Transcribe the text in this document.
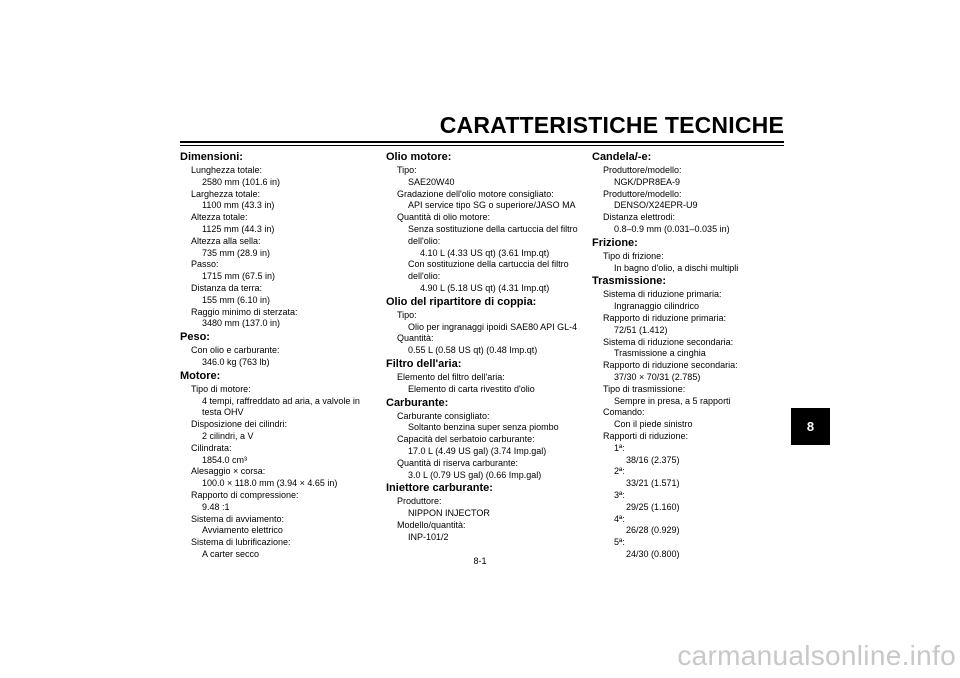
CARATTERISTICHE TECNICHE
Dimensioni:
Lunghezza totale:
2580 mm (101.6 in)
Larghezza totale:
1100 mm (43.3 in)
Altezza totale:
1125 mm (44.3 in)
Altezza alla sella:
735 mm (28.9 in)
Passo:
1715 mm (67.5 in)
Distanza da terra:
155 mm (6.10 in)
Raggio minimo di sterzata:
3480 mm (137.0 in)
Peso:
Con olio e carburante:
346.0 kg (763 lb)
Motore:
Tipo di motore:
4 tempi, raffreddato ad aria, a valvole in testa OHV
Disposizione dei cilindri:
2 cilindri, a V
Cilindrata:
1854.0 cm³
Alesaggio × corsa:
100.0 × 118.0 mm (3.94 × 4.65 in)
Rapporto di compressione:
9.48 :1
Sistema di avviamento:
Avviamento elettrico
Sistema di lubrificazione:
A carter secco
Olio motore:
Tipo:
SAE20W40
Gradazione dell'olio motore consigliato:
API service tipo SG o superiore/JASO MA
Quantità di olio motore:
Senza sostituzione della cartuccia del filtro dell'olio:
4.10 L (4.33 US qt) (3.61 Imp.qt)
Con sostituzione della cartuccia del filtro dell'olio:
4.90 L (5.18 US qt) (4.31 Imp.qt)
Olio del ripartitore di coppia:
Tipo:
Olio per ingranaggi ipoidi SAE80 API GL-4
Quantità:
0.55 L (0.58 US qt) (0.48 Imp.qt)
Filtro dell'aria:
Elemento del filtro dell'aria:
Elemento di carta rivestito d'olio
Carburante:
Carburante consigliato:
Soltanto benzina super senza piombo
Capacità del serbatoio carburante:
17.0 L (4.49 US gal) (3.74 Imp.gal)
Quantità di riserva carburante:
3.0 L (0.79 US gal) (0.66 Imp.gal)
Iniettore carburante:
Produttore:
NIPPON INJECTOR
Modello/quantità:
INP-101/2
Candela/-e:
Produttore/modello:
NGK/DPR8EA-9
Produttore/modello:
DENSO/X24EPR-U9
Distanza elettrodi:
0.8–0.9 mm (0.031–0.035 in)
Frizione:
Tipo di frizione:
In bagno d'olio, a dischi multipli
Trasmissione:
Sistema di riduzione primaria:
Ingranaggio cilindrico
Rapporto di riduzione primaria:
72/51 (1.412)
Sistema di riduzione secondaria:
Trasmissione a cinghia
Rapporto di riduzione secondaria:
37/30 × 70/31 (2.785)
Tipo di trasmissione:
Sempre in presa, a 5 rapporti
Comando:
Con il piede sinistro
Rapporti di riduzione:
1ª:
38/16 (2.375)
2ª:
33/21 (1.571)
3ª:
29/25 (1.160)
4ª:
26/28 (0.929)
5ª:
24/30 (0.800)
8
8-1
carmanualsonline.info
